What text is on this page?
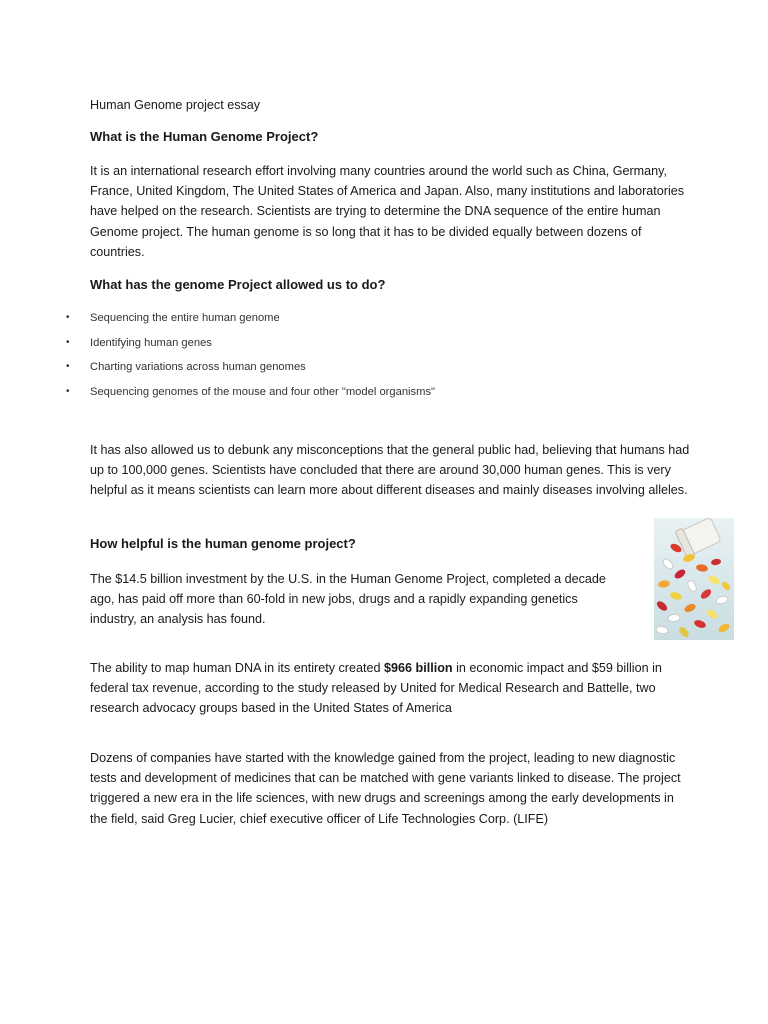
Human Genome project essay

What is the Human Genome Project?

It is an international research effort involving many countries around the world such as China, Germany, France, United Kingdom, The United States of America and Japan. Also, many institutions and laboratories have helped on the research. Scientists are trying to determine the DNA sequence of the entire human Genome project. The human genome is so long that it has to be divided equally between dozens of countries.

What has the genome Project allowed us to do?

• Sequencing the entire human genome
• Identifying human genes
• Charting variations across human genomes
• Sequencing genomes of the mouse and four other "model organisms"

It has also allowed us to debunk any misconceptions that the general public had, believing that humans had up to 100,000 genes. Scientists have concluded that there are around 30,000 human genes. This is very helpful as it means scientists can learn more about different diseases and mainly diseases involving alleles.

How helpful is the human genome project?

The $14.5 billion investment by the U.S. in the Human Genome Project, completed a decade ago, has paid off more than 60-fold in new jobs, drugs and a rapidly expanding genetics industry, an analysis has found.

The ability to map human DNA in its entirety created $966 billion in economic impact and $59 billion in federal tax revenue, according to the study released by United for Medical Research and Battelle, two research advocacy groups based in the United States of America

Dozens of companies have started with the knowledge gained from the project, leading to new diagnostic tests and development of medicines that can be matched with gene variants linked to disease. The project triggered a new era in the life sciences, with new drugs and screenings among the early developments in the field, said Greg Lucier, chief executive officer of Life Technologies Corp. (LIFE)
